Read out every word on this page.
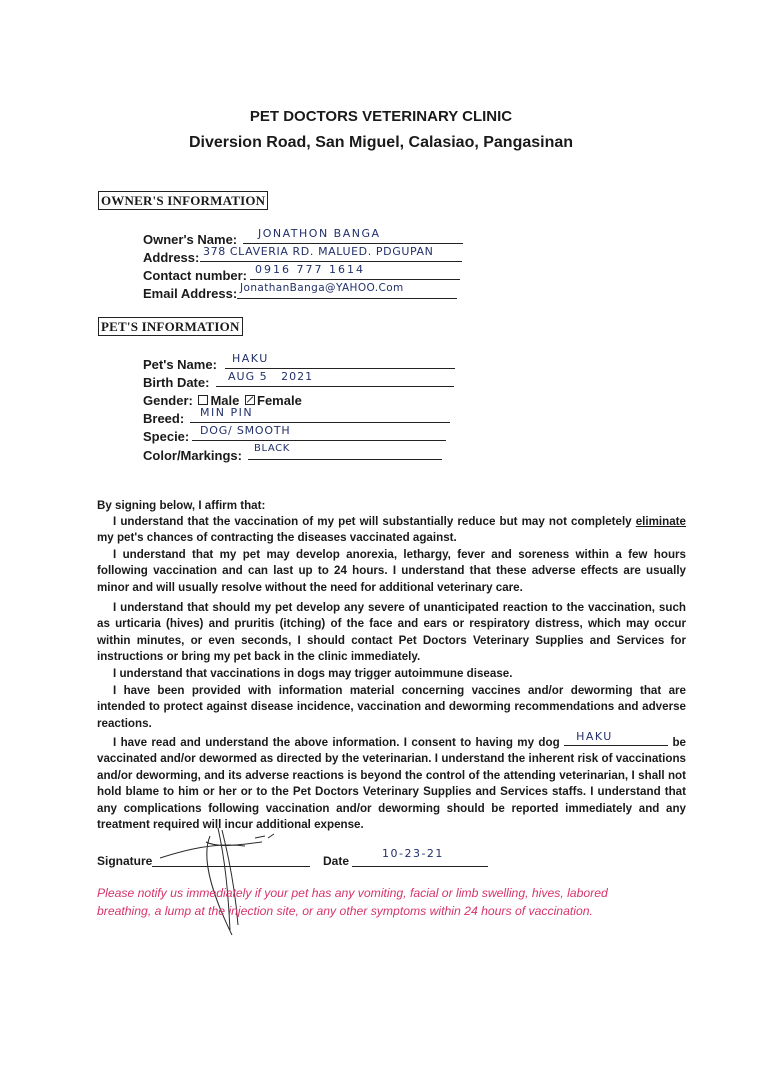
PET DOCTORS VETERINARY CLINIC
Diversion Road, San Miguel, Calasiao, Pangasinan
OWNER'S INFORMATION
Owner's Name: JONATHON BANGA
Address: 378 CLAVERIA RD. MALUED. PDGUPAN
Contact number: 0916 777 1614
Email Address: JonathanBanga@YAHOO.Com
PET'S INFORMATION
Pet's Name: HAKU
Birth Date: AUG 5   2021
Gender: Male Female
Breed: MIN PIN
Specie: DOG/ SMOOTH
Color/Markings: BLACK
By signing below, I affirm that:

I understand that the vaccination of my pet will substantially reduce but may not completely eliminate my pet's chances of contracting the diseases vaccinated against.

I understand that my pet may develop anorexia, lethargy, fever and soreness within a few hours following vaccination and can last up to 24 hours. I understand that these adverse effects are usually minor and will usually resolve without the need for additional veterinary care.

I understand that should my pet develop any severe of unanticipated reaction to the vaccination, such as urticaria (hives) and pruritis (itching) of the face and ears or respiratory distress, which may occur within minutes, or even seconds, I should contact Pet Doctors Veterinary Supplies and Services for instructions or bring my pet back in the clinic immediately.

I understand that vaccinations in dogs may trigger autoimmune disease.

I have been provided with information material concerning vaccines and/or deworming that are intended to protect against disease incidence, vaccination and deworming recommendations and adverse reactions.

I have read and understand the above information. I consent to having my dog HAKU	be vaccinated and/or dewormed as directed by the veterinarian. I understand the inherent risk of vaccinations and/or deworming, and its adverse reactions is beyond the control of the attending veterinarian, I shall not hold blame to him or her or to the Pet Doctors Veterinary Supplies and Services staffs. I understand that any complications following vaccination and/or deworming should be reported immediately and any treatment required will incur additional expense.

Signature	Date
10-23-21
Please notify us immediately if your pet has any vomiting, facial or limb swelling, hives, labored breathing, a lump at the injection site, or any other symptoms within 24 hours of vaccination.
